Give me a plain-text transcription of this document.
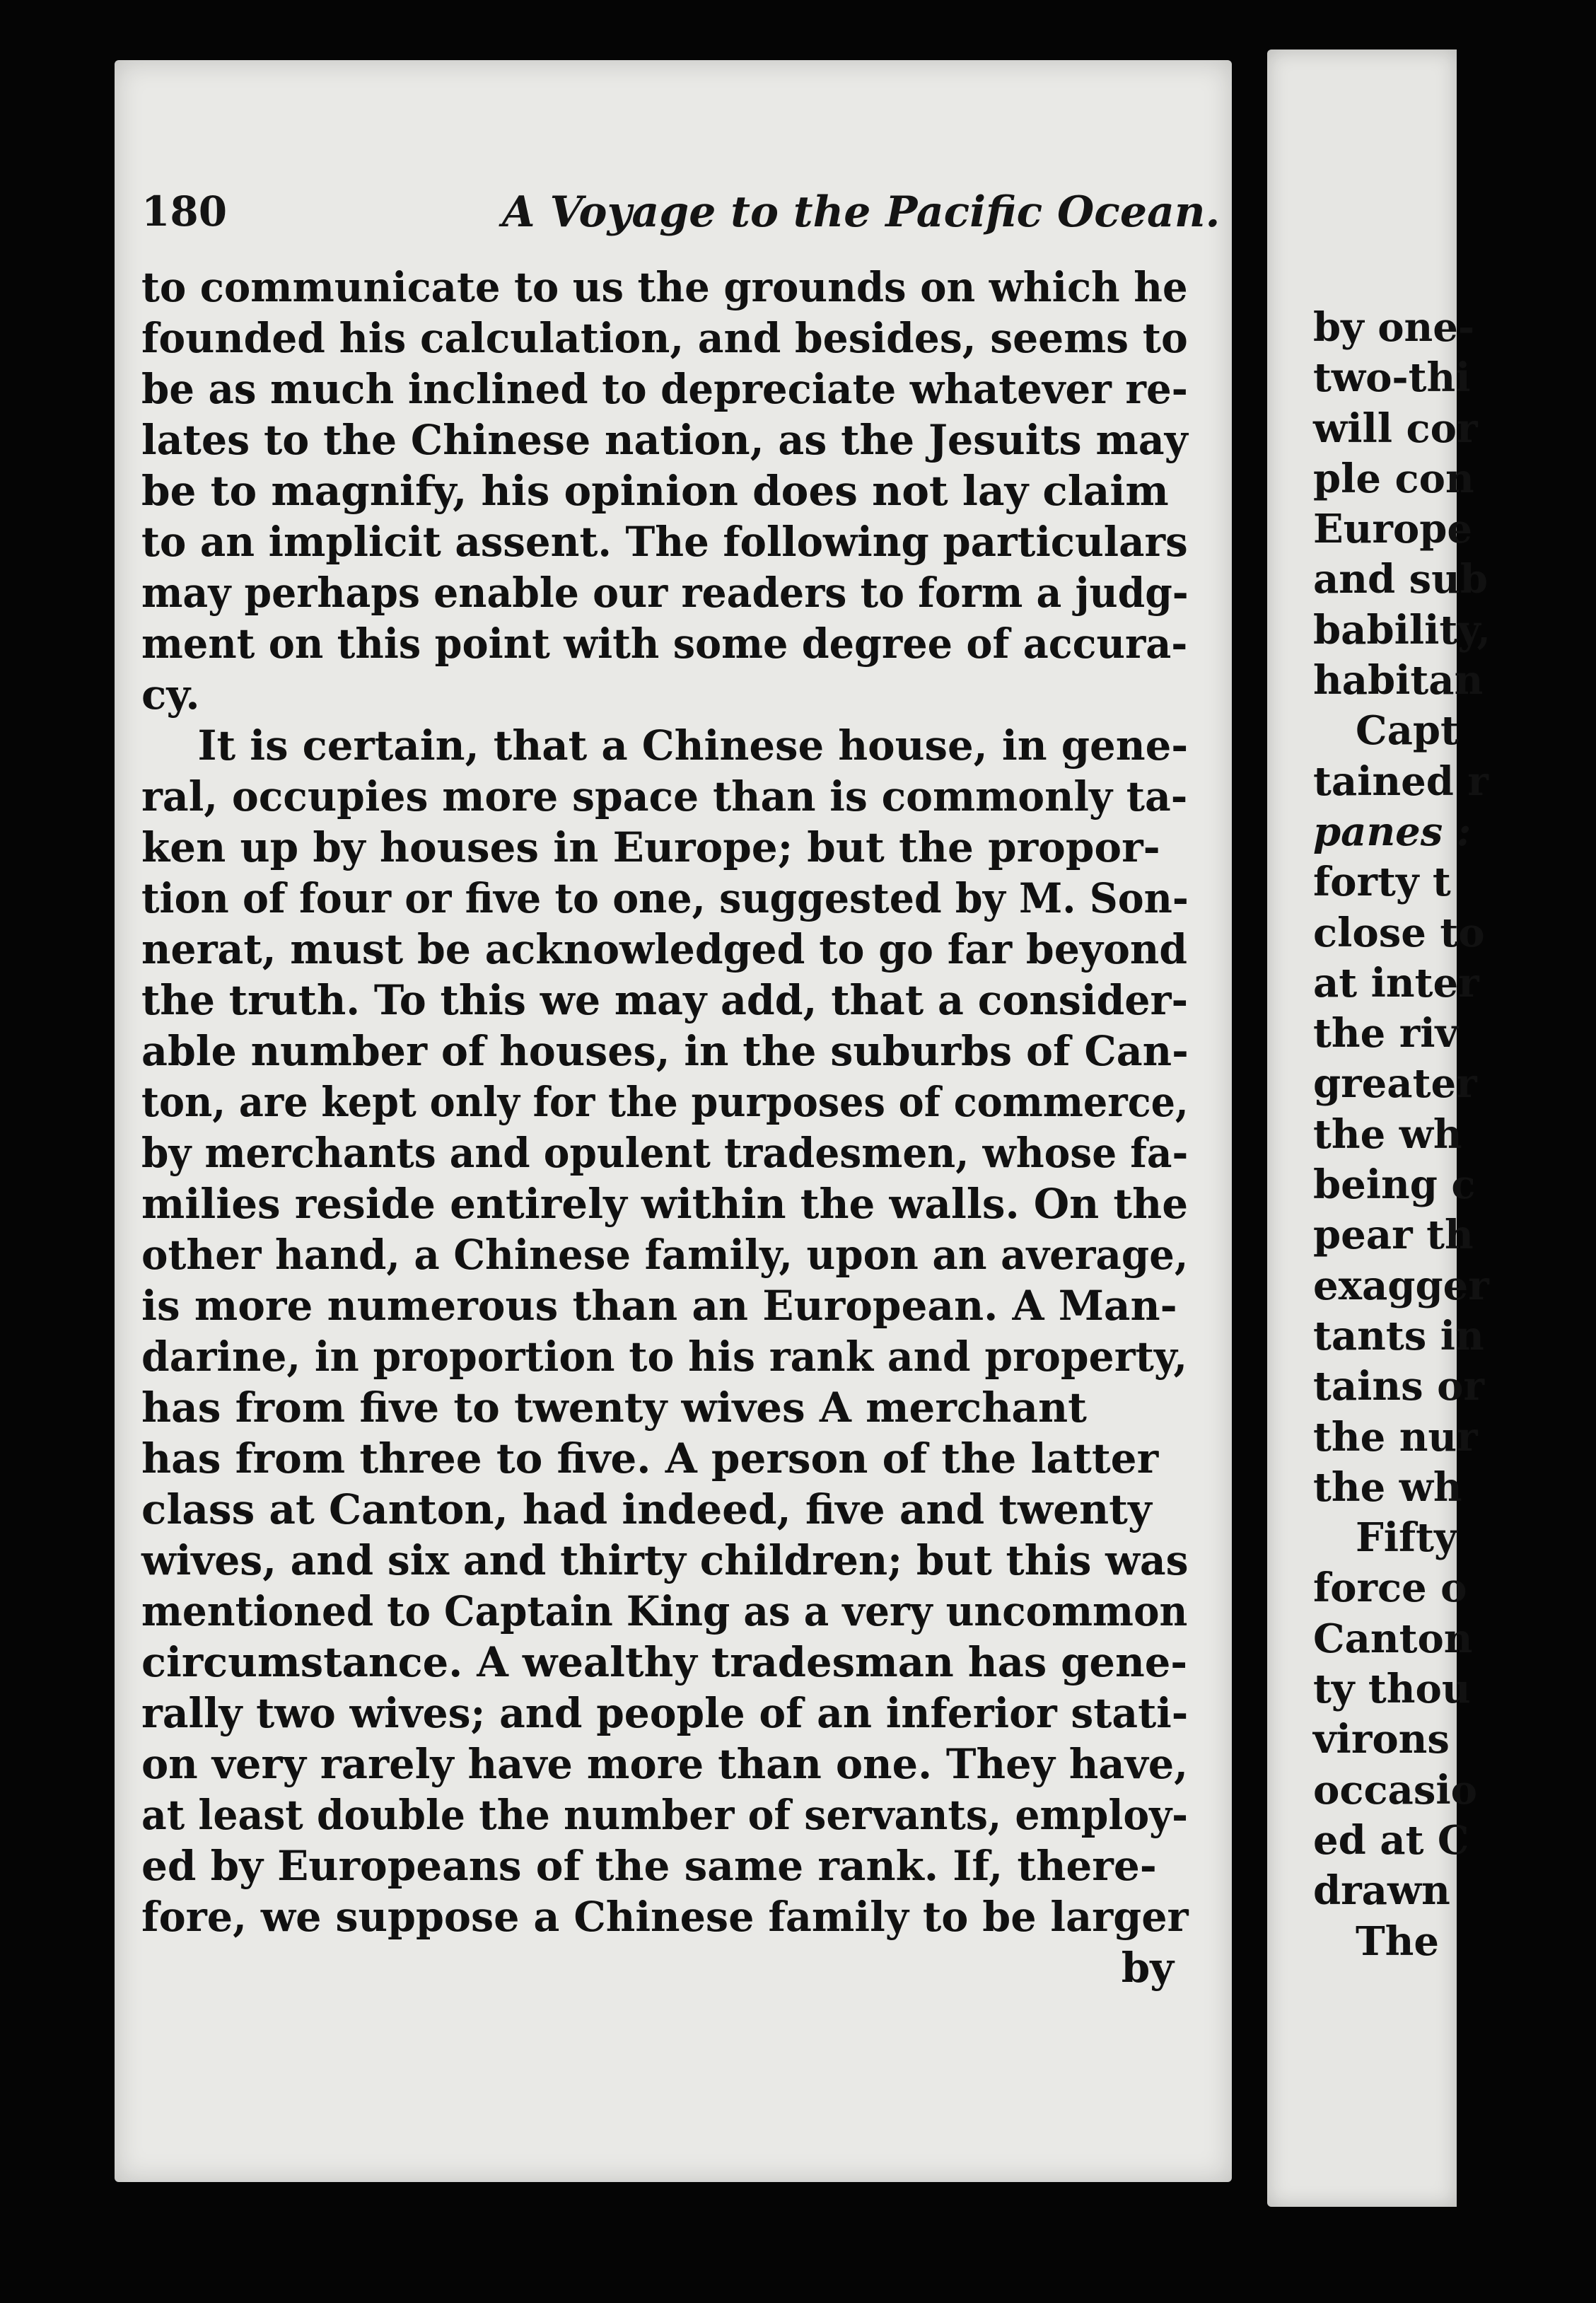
by one-
two-thi
will cor
ple con
Europe
and sub
bability,
habitan
Capt
tained r
panes :
forty t
close to
at inter
the riv
greater
the wh
being c
pear th
exagger
tants in
tains or
the nur
the wh
Fifty
force o
Canton
ty thou
virons
occasio
ed at C
drawn
The
180	A Voyage to the Pacific Ocean.
to communicate to us the grounds on which he
founded his calculation, and besides, seems to
be as much inclined to depreciate whatever re-
lates to the Chinese nation, as the Jesuits may
be to magnify, his opinion does not lay claim
to an implicit assent. The following particulars
may perhaps enable our readers to form a judg-
ment on this point with some degree of accura-
cy.
It is certain, that a Chinese house, in gene-
ral, occupies more space than is commonly ta-
ken up by houses in Europe; but the propor-
tion of four or five to one, suggested by M. Son-
nerat, must be acknowledged to go far beyond
the truth. To this we may add, that a consider-
able number of houses, in the suburbs of Can-
ton, are kept only for the purposes of commerce,
by merchants and opulent tradesmen, whose fa-
milies reside entirely within the walls. On the
other hand, a Chinese family, upon an average,
is more numerous than an European. A Man-
darine, in proportion to his rank and property,
has from five to twenty wives A merchant
has from three to five. A person of the latter
class at Canton, had indeed, five and twenty
wives, and six and thirty children; but this was
mentioned to Captain King as a very uncommon
circumstance. A wealthy tradesman has gene-
rally two wives; and people of an inferior stati-
on very rarely have more than one. They have,
at least double the number of servants, employ-
ed by Europeans of the same rank. If, there-
fore, we suppose a Chinese family to be larger
by
